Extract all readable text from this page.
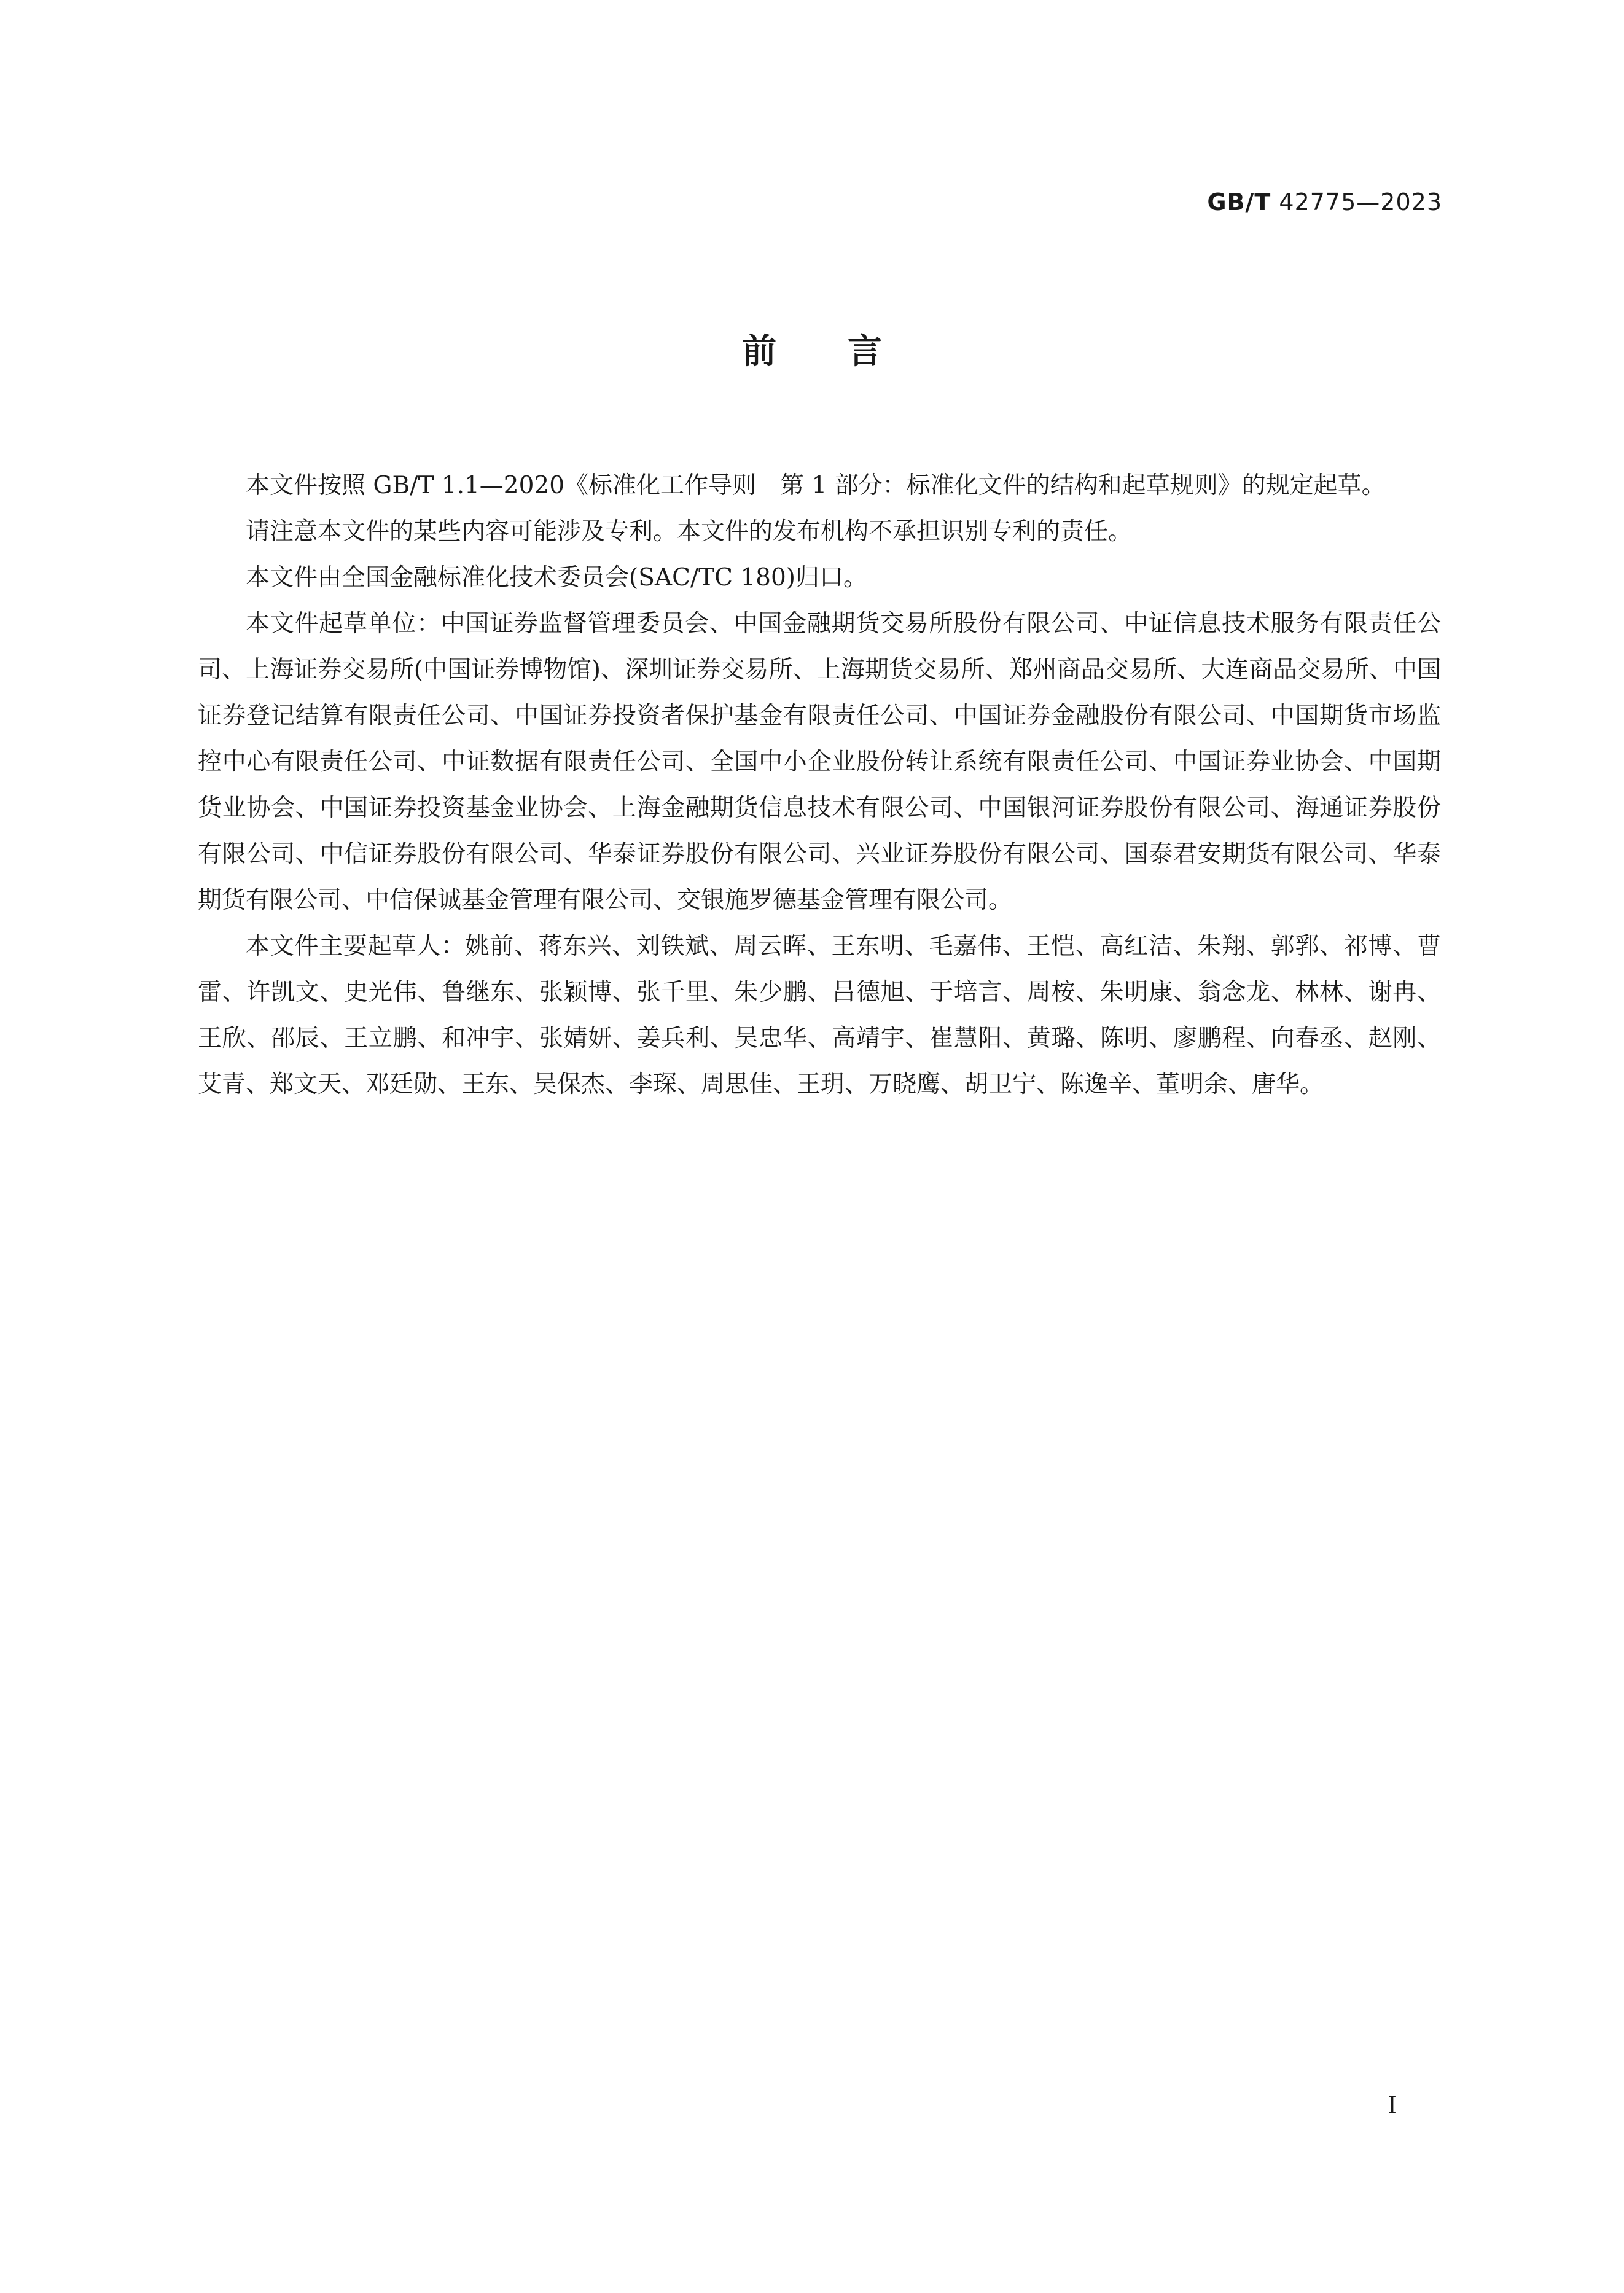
GB/T 42775—2023
前言

本文件按照 GB/T 1.1—2020《标准化工作导则　第 1 部分：标准化文件的结构和起草规则》的规定起草。

请注意本文件的某些内容可能涉及专利。本文件的发布机构不承担识别专利的责任。

本文件由全国金融标准化技术委员会(SAC/TC 180)归口。

本文件起草单位：中国证券监督管理委员会、中国金融期货交易所股份有限公司、中证信息技术服务有限责任公司、上海证券交易所(中国证券博物馆)、深圳证券交易所、上海期货交易所、郑州商品交易所、大连商品交易所、中国证券登记结算有限责任公司、中国证券投资者保护基金有限责任公司、中国证券金融股份有限公司、中国期货市场监控中心有限责任公司、中证数据有限责任公司、全国中小企业股份转让系统有限责任公司、中国证券业协会、中国期货业协会、中国证券投资基金业协会、上海金融期货信息技术有限公司、中国银河证券股份有限公司、海通证券股份有限公司、中信证券股份有限公司、华泰证券股份有限公司、兴业证券股份有限公司、国泰君安期货有限公司、华泰期货有限公司、中信保诚基金管理有限公司、交银施罗德基金管理有限公司。

本文件主要起草人：姚前、蒋东兴、刘铁斌、周云晖、王东明、毛嘉伟、王恺、高红洁、朱翔、郭郛、祁博、曹雷、许凯文、史光伟、鲁继东、张颖博、张千里、朱少鹏、吕德旭、于培言、周桉、朱明康、翁念龙、林林、谢冉、王欣、邵辰、王立鹏、和冲宇、张婧妍、姜兵利、吴忠华、高靖宇、崔慧阳、黄璐、陈明、廖鹏程、向春丞、赵刚、艾青、郑文天、邓廷勋、王东、吴保杰、李琛、周思佳、王玥、万晓鹰、胡卫宁、陈逸辛、董明余、唐华。

I
